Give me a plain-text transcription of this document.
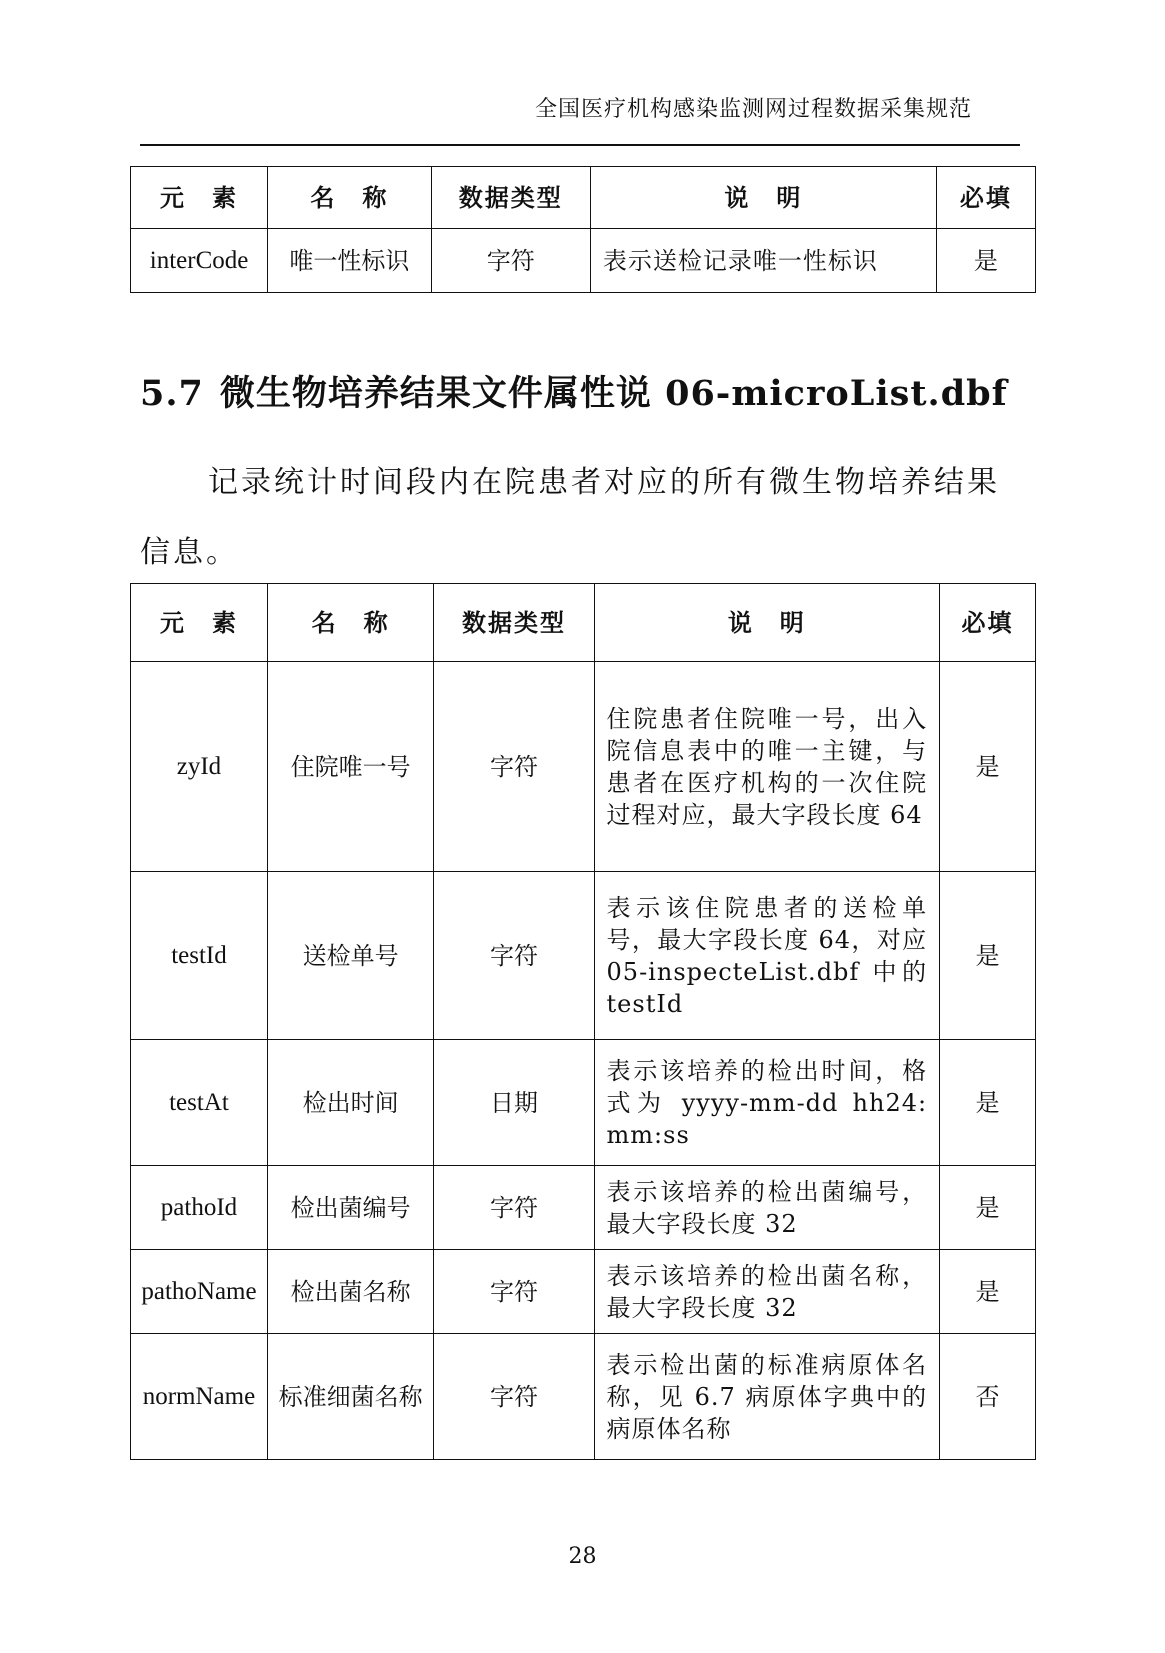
全国医疗机构感染监测网过程数据采集规范
元　素	名　称	数据类型	说　明	必填
interCode	唯一性标识	字符	表示送检记录唯一性标识	是
5.7 微生物培养结果文件属性说 06-microList.dbf

记录统计时间段内在院患者对应的所有微生物培养结果信息。

元　素	名　称	数据类型	说　明	必填
zyId	住院唯一号	字符	住院患者住院唯一号，出入院信息表中的唯一主键，与患者在医疗机构的一次住院过程对应，最大字段长度 64	是
testId	送检单号	字符	表示该住院患者的送检单号，最大字段长度 64，对应 05-inspecteList.dbf 中的 testId	是
testAt	检出时间	日期	表示该培养的检出时间，格式为 yyyy-mm-dd hh24:mm:ss	是
pathoId	检出菌编号	字符	表示该培养的检出菌编号，最大字段长度 32	是
pathoName	检出菌名称	字符	表示该培养的检出菌名称，最大字段长度 32	是
normName	标准细菌名称	字符	表示检出菌的标准病原体名称，见 6.7 病原体字典中的病原体名称	否
28
